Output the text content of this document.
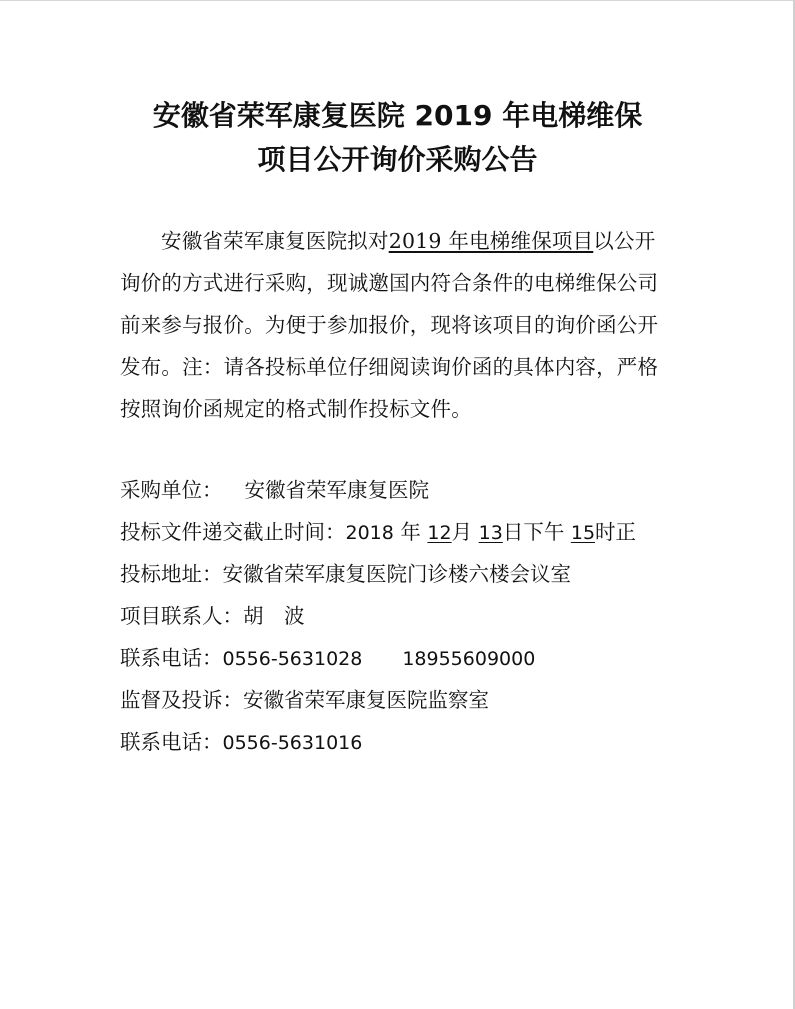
安徽省荣军康复医院 2019 年电梯维保
项目公开询价采购公告
安徽省荣军康复医院拟对2019 年电梯维保项目以公开
询价的方式进行采购，现诚邀国内符合条件的电梯维保公司
前来参与报价。为便于参加报价，现将该项目的询价函公开
发布。注：请各投标单位仔细阅读询价函的具体内容，严格
按照询价函规定的格式制作投标文件。
采购单位： 安徽省荣军康复医院
投标文件递交截止时间：2018 年 12月 13日下午 15时正
投标地址：安徽省荣军康复医院门诊楼六楼会议室
项目联系人：胡　波
联系电话：0556-5631028 18955609000
监督及投诉：安徽省荣军康复医院监察室
联系电话：0556-5631016
